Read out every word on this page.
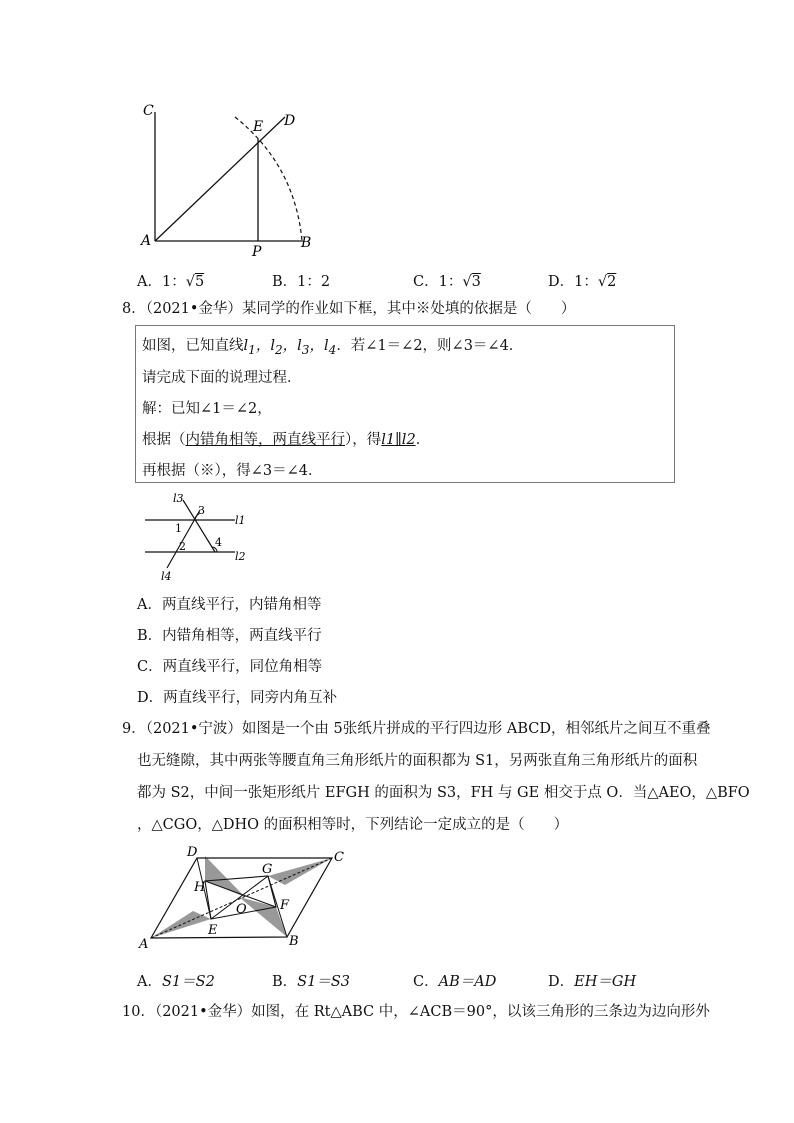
C
E D
A
P
B
A．1：√5	B．1：2	C．1：√3	D．1：√2
8．（2021•金华）某同学的作业如下框，其中※处填的依据是（　　）
如图，已知直线$l_1$，$l_2$，$l_3$，$l_4$．若∠1＝∠2，则∠3＝∠4．
请完成下面的说理过程．
解：已知∠1＝∠2，
根据（内错角相等，两直线平行），得l1∥l2．
再根据（※），得∠3＝∠4．
l3
3
l1
1
2	4
l2
l4
A．两直线平行，内错角相等
B．内错角相等，两直线平行
C．两直线平行，同位角相等
D．两直线平行，同旁内角互补
9．（2021•宁波）如图是一个由 5张纸片拼成的平行四边形 ABCD，相邻纸片之间互不重叠
也无缝隙，其中两张等腰直角三角形纸片的面积都为 S1，另两张直角三角形纸片的面积
都为 S2，中间一张矩形纸片 EFGH 的面积为 S3，FH 与 GE 相交于点 O．当△AEO，△BFO
，△CGO，△DHO 的面积相等时，下列结论一定成立的是（　　）
D	C
G
H
O	F
A
E
B
A．S1＝S2	B．S1＝S3	C．AB＝AD	D．EH＝GH
10．（2021•金华）如图，在 Rt△ABC 中，∠ACB＝90°，以该三角形的三条边为边向形外
